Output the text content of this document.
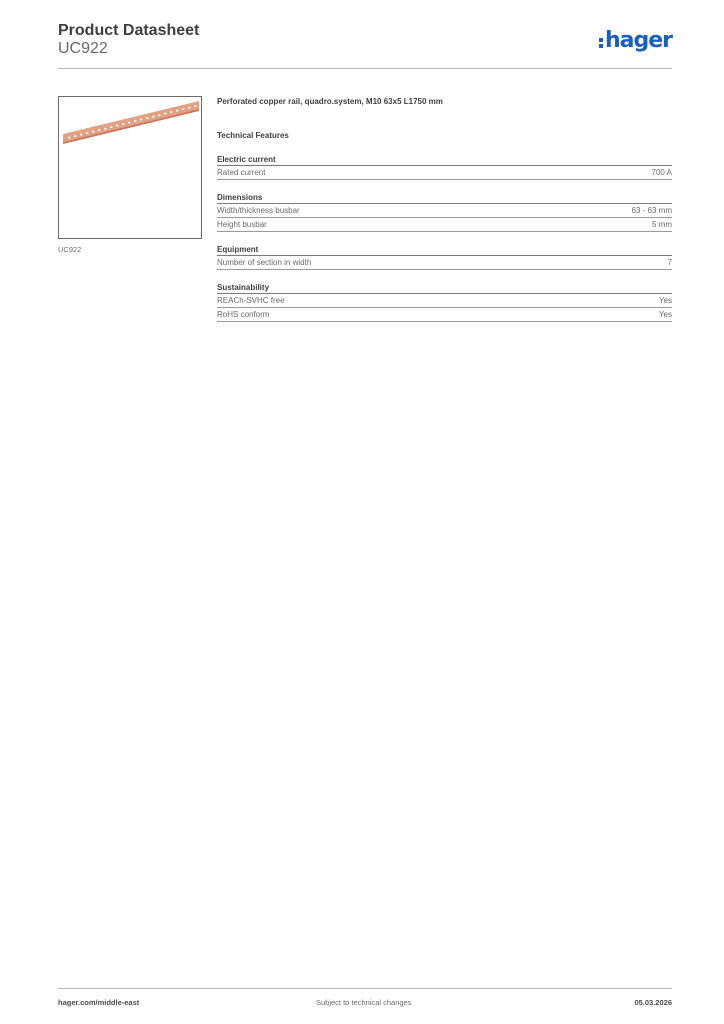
Product Datasheet
UC922	hager
UC922
Perforated copper rail, quadro.system, M10 63x5 L1750 mm
Technical Features
Electric current
Rated current	700 A
Dimensions
Width/thickness busbar	63 - 63 mm
Height busbar	5 mm
Equipment
Number of section in width	7
Sustainability
REACh-SVHC free	Yes
RoHS conform	Yes
hager.com/middle-east	Subject to technical changes	05.03.2026
